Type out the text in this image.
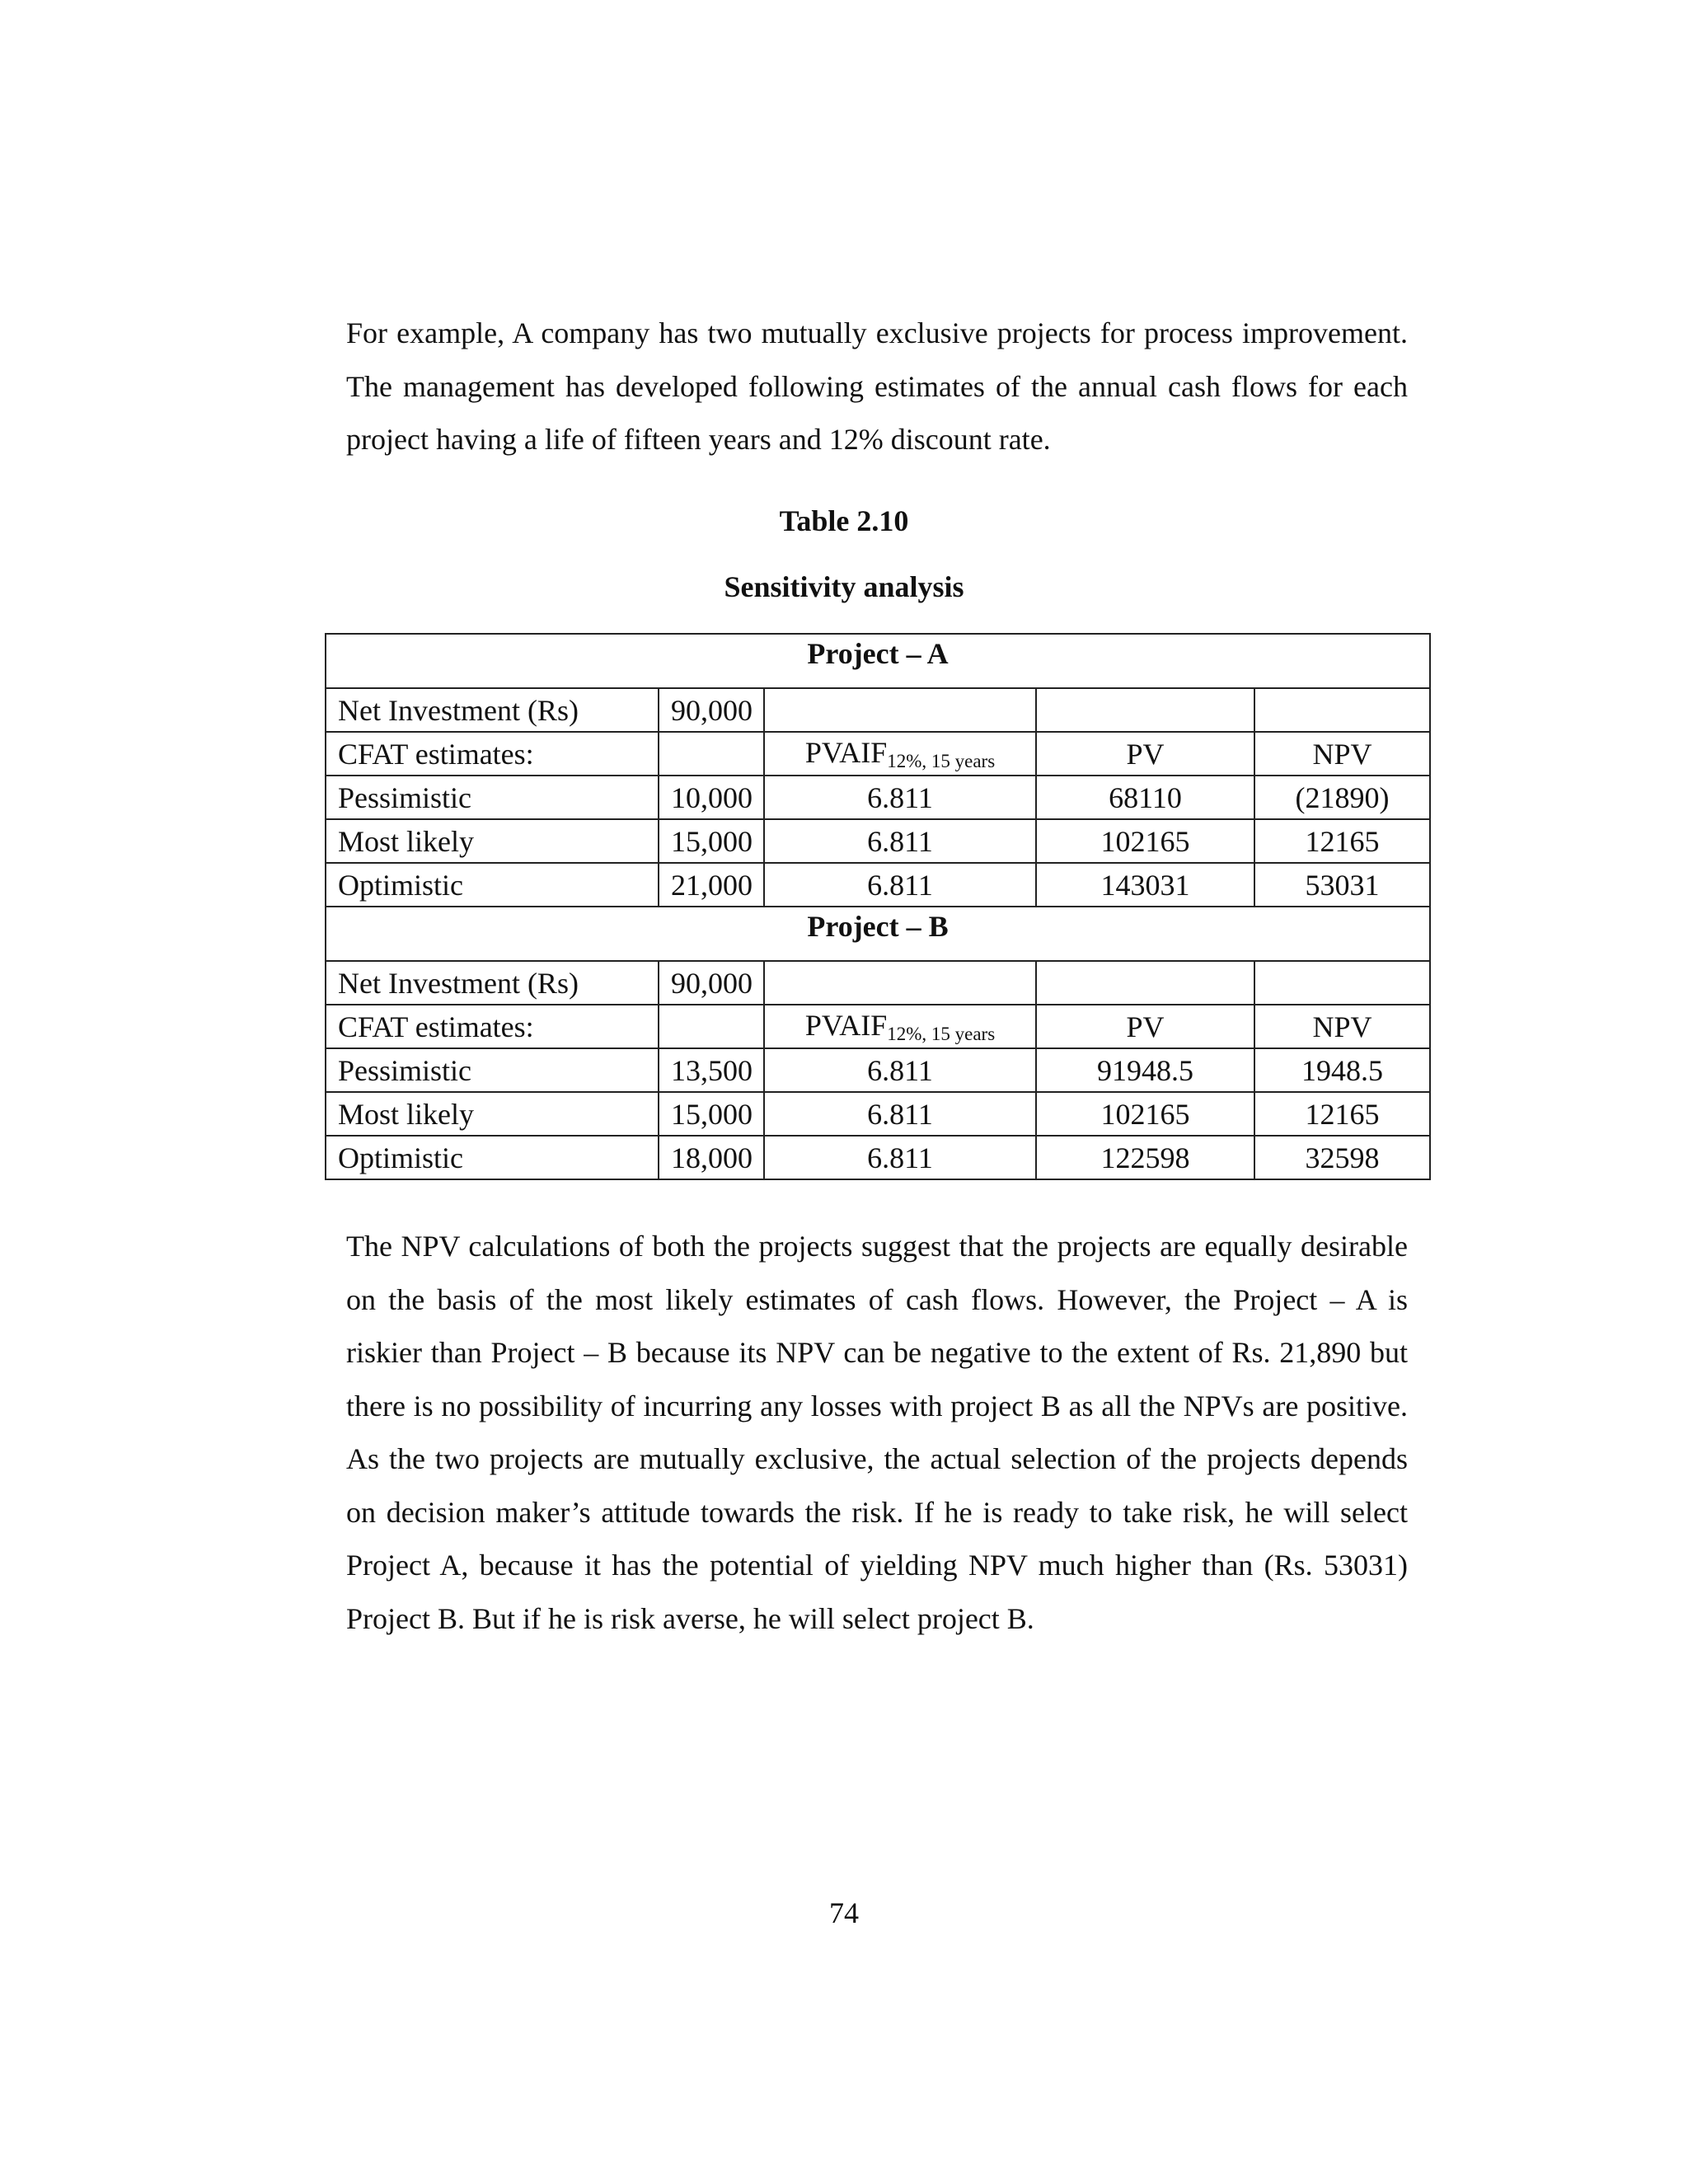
For example, A company has two mutually exclusive projects for process improvement. The management has developed following estimates of the annual cash flows for each project having a life of fifteen years and 12% discount rate.

Table 2.10

Sensitivity analysis

Project – A				
Net Investment (Rs)	90,000			
CFAT estimates:		$PVAIF_{12\%, 15 years}$	PV	NPV
Pessimistic	10,000	6.811	68110	(21890)
Most likely	15,000	6.811	102165	12165
Optimistic	21,000	6.811	143031	53031
Project – B				
Net Investment (Rs)	90,000			
CFAT estimates:		$PVAIF_{12\%, 15 years}$	PV	NPV
Pessimistic	13,500	6.811	91948.5	1948.5
Most likely	15,000	6.811	102165	12165
Optimistic	18,000	6.811	122598	32598

The NPV calculations of both the projects suggest that the projects are equally desirable on the basis of the most likely estimates of cash flows. However, the Project – A is riskier than Project – B because its NPV can be negative to the extent of Rs. 21,890 but there is no possibility of incurring any losses with project B as all the NPVs are positive. As the two projects are mutually exclusive, the actual selection of the projects depends on decision maker’s attitude towards the risk. If he is ready to take risk, he will select Project A, because it has the potential of yielding NPV much higher than (Rs. 53031) Project B. But if he is risk averse, he will select project B.

74
